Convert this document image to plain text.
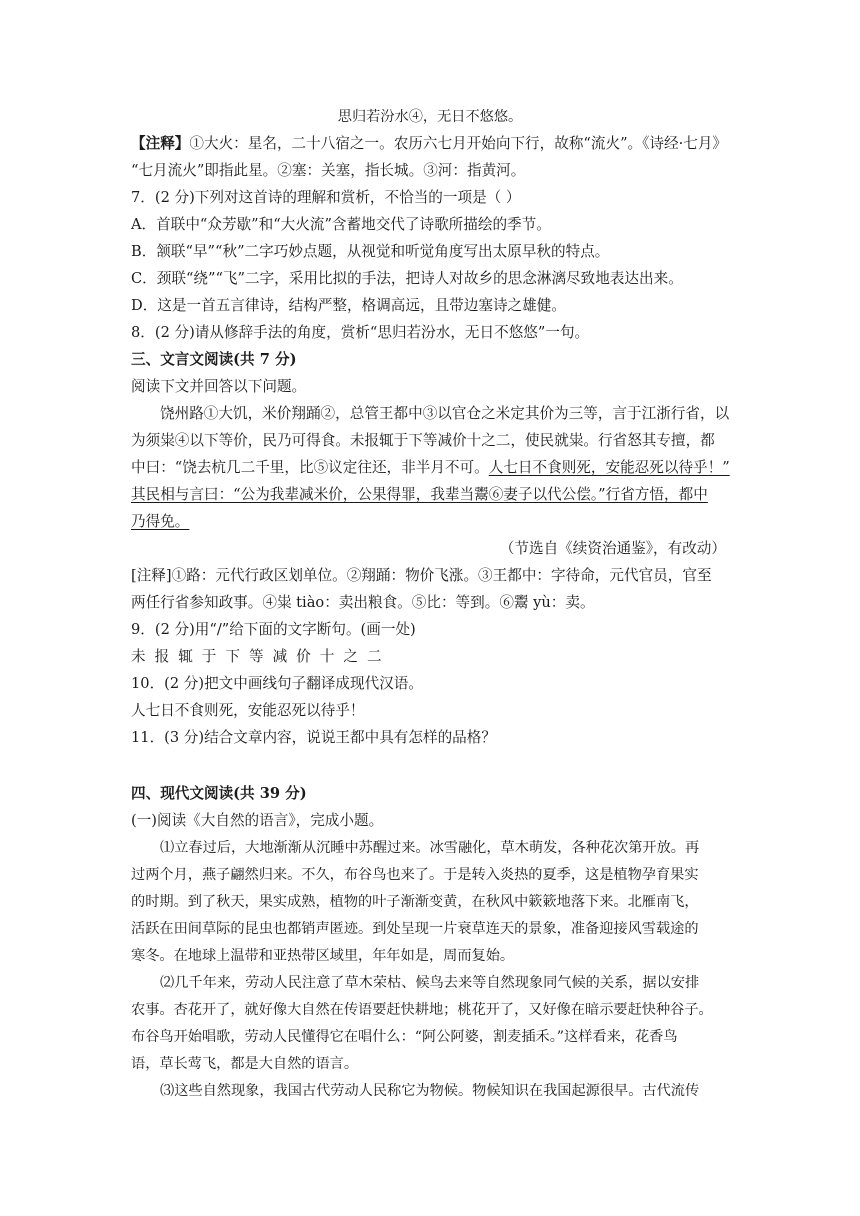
思归若汾水④，无日不悠悠。
【注释】①大火：星名，二十八宿之一。农历六七月开始向下行，故称“流火”。《诗经·七月》
“七月流火”即指此星。②塞：关塞，指长城。③河：指黄河。
7．(2 分)下列对这首诗的理解和赏析，不恰当的一项是（ ）
A．首联中“众芳歇”和“大火流”含蓄地交代了诗歌所描绘的季节。
B．颔联“早”“秋”二字巧妙点题，从视觉和听觉角度写出太原早秋的特点。
C．颈联“绕”“飞”二字，采用比拟的手法，把诗人对故乡的思念淋漓尽致地表达出来。
D．这是一首五言律诗，结构严整，格调高远，且带边塞诗之雄健。
8．(2 分)请从修辞手法的角度，赏析“思归若汾水，无日不悠悠”一句。
三、文言文阅读(共 7 分)
阅读下文并回答以下问题。
饶州路①大饥，米价翔踊②，总管王都中③以官仓之米定其价为三等，言于江浙行省，以
为须粜④以下等价，民乃可得食。未报辄于下等减价十之二，使民就粜。行省怒其专擅，都
中曰：“饶去杭几二千里，比⑤议定往还，非半月不可。人七日不食则死，安能忍死以待乎！”
其民相与言曰：“公为我辈减米价，公果得罪，我辈当鬻⑥妻子以代公偿。”行省方悟，都中
乃得免。
（节选自《续资治通鉴》，有改动）
[注释]①路：元代行政区划单位。②翔踊：物价飞涨。③王都中：字待命，元代官员，官至
两任行省参知政事。④粜 tiào：卖出粮食。⑤比：等到。⑥鬻 yù：卖。
9．(2 分)用“/”给下面的文字断句。(画一处)
未报辄于下等减价十之二
10．(2 分)把文中画线句子翻译成现代汉语。
人七日不食则死，安能忍死以待乎！
11．(3 分)结合文章内容，说说王都中具有怎样的品格？
四、现代文阅读(共 39 分)
(一)阅读《大自然的语言》，完成小题。
⑴立春过后，大地渐渐从沉睡中苏醒过来。冰雪融化，草木萌发，各种花次第开放。再
过两个月，燕子翩然归来。不久，布谷鸟也来了。于是转入炎热的夏季，这是植物孕育果实
的时期。到了秋天，果实成熟，植物的叶子渐渐变黄，在秋风中簌簌地落下来。北雁南飞，
活跃在田间草际的昆虫也都销声匿迹。到处呈现一片衰草连天的景象，准备迎接风雪载途的
寒冬。在地球上温带和亚热带区域里，年年如是，周而复始。
⑵几千年来，劳动人民注意了草木荣枯、候鸟去来等自然现象同气候的关系，据以安排
农事。杏花开了，就好像大自然在传语要赶快耕地；桃花开了，又好像在暗示要赶快种谷子。
布谷鸟开始唱歌，劳动人民懂得它在唱什么：“阿公阿婆，割麦插禾。”这样看来，花香鸟
语，草长莺飞，都是大自然的语言。
⑶这些自然现象，我国古代劳动人民称它为物候。物候知识在我国起源很早。古代流传
